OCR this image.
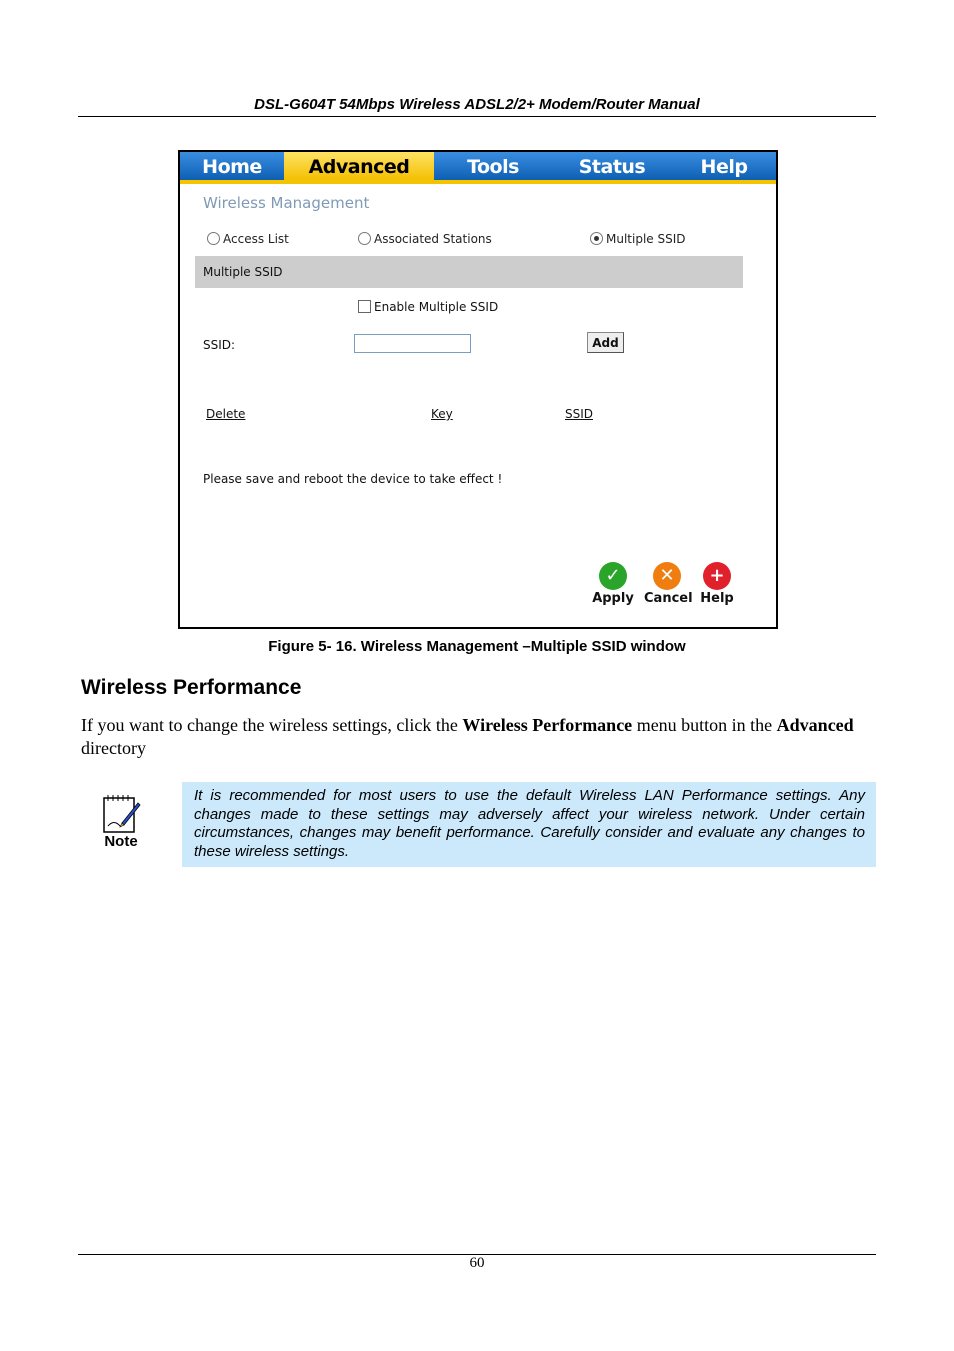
DSL-G604T 54Mbps Wireless ADSL2/2+ Modem/Router Manual
Home	Advanced	Tools	Status	Help
Wireless Management
Access List	Associated Stations	Multiple SSID
Multiple SSID
Enable Multiple SSID
SSID:	Add
Delete	Key	SSID
Please save and reboot the device to take effect !
✓
Apply
✕
Cancel
+
Help
Figure 5- 16. Wireless Management –Multiple SSID window
Wireless Performance
If you want to change the wireless settings, click the Wireless Performance menu button in the Advanced directory
Note
It is recommended for most users to use the default Wireless LAN Performance settings. Any changes made to these settings may adversely affect your wireless network. Under certain circumstances, changes may benefit performance. Carefully consider and evaluate any changes to these wireless settings.
60
